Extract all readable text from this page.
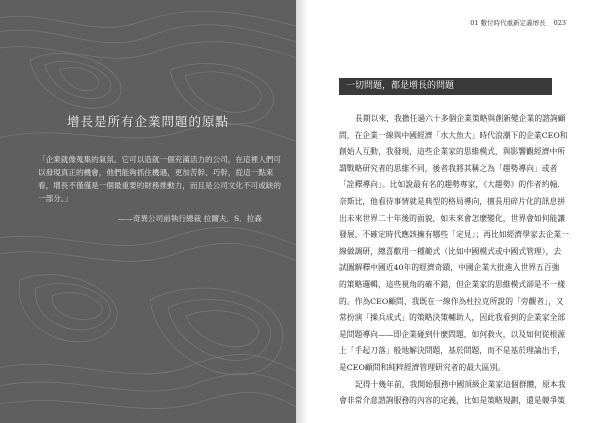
增長是所有企業問題的原點
「企業就像蒐集的氣氛。它可以造就一個充滿活力的公司，在這裡人們可
以發現真正的機會，他們能夠抓住機遇，更加苦幹、巧幹，從這一點來
看，增長不僅僅是一個最重要的財務推動力，而且是公司文化不可或缺的
一部分。」
——奇異公司前執行總裁 拉爾夫．S．拉森
01 數位時代重新定義增長 023
一切問題，都是增長的問題
長期以來，我擔任過六十多個企業策略與創新變企業的諮詢顧
問，在企業一線與中國經濟「水大魚大」時代浪潮下的企業CEO和
創始人互動，我發現，這些企業家的思維模式，與影響觀經濟中所
謂戰略研究者的思維不同，後者我將其稱之為「趨勢導向」或者
「詮釋導向」。比如說最有名的趨勢專家，《大趨勢》的作者約翰．
奈斯比，他看待事情就是典型的格局導向，擅長用碎片化的訊息拼
出未來世界二十年後的面貌，如未來會怎麼變化，世界會如何能讓
發展，不確定時代應該擁有哪些「定見」；再比如經濟學家去企業一
線做調研，總喜歡用一種範式（比如中國模式或中國式管理），去
試圖解釋中國近40年的經濟奇蹟，中國企業大批進入世界五百強
的策略邏輯，這些視角的確不錯，但企業家的思維模式卻是不一樣
的。作為CEO顧問，我既在一線作為杜拉克所說的「旁觀者」，又
常扮演「操兵成式」的策略決策輔助人，因此我看到的企業家全部
是問題導向——即企業碰到什麼問題，如何救火，以及如何從根源
上「手起刀落」般地解決問題，基於問題，而不是基於理論出手，
是CEO顧問和純粹經濟管理研究者的最大區別。
記得十幾年前，我開始服務中國頂級企業家這個群體，原本我
會非常介意諮詢服務的內容的定義，比如是策略規劃，還是競爭策
